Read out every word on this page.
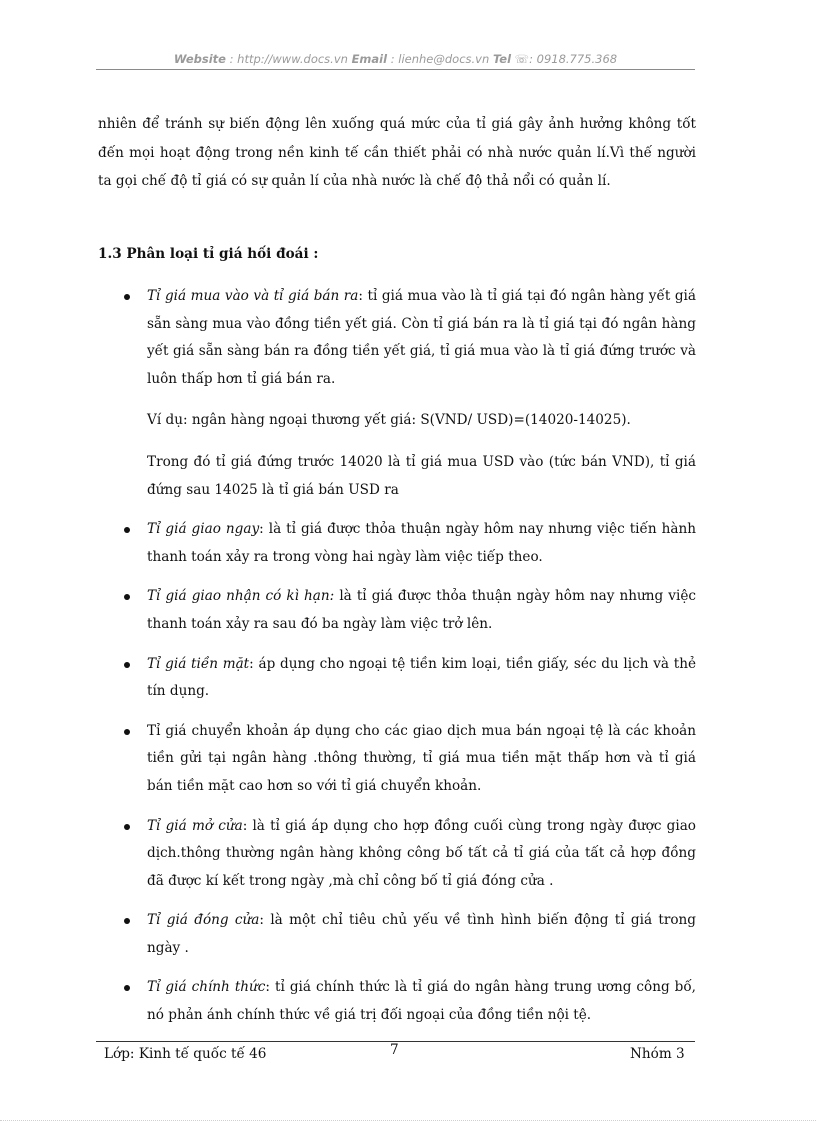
Website : http://www.docs.vn Email : lienhe@docs.vn Tel ☏: 0918.775.368
nhiên để tránh sự biến động lên xuống quá mức của tỉ giá gây ảnh hưởng không tốt đến mọi hoạt động trong nền kinh tế cần thiết phải có nhà nước quản lí.Vì thế người ta gọi chế độ tỉ giá có sự quản lí của nhà nước là chế độ thả nổi có quản lí.
1.3 Phân loại tỉ giá hối đoái :
Tỉ giá mua vào và tỉ giá bán ra: tỉ giá mua vào là tỉ giá tại đó ngân hàng yết giá sẵn sàng mua vào đồng tiền yết giá. Còn tỉ giá bán ra là tỉ giá tại đó ngân hàng yết giá sẵn sàng bán ra đồng tiền yết giá, tỉ giá mua vào là tỉ giá đứng trước và luôn thấp hơn tỉ giá bán ra.
Ví dụ: ngân hàng ngoại thương yết giá: S(VND/ USD)=(14020-14025).
Trong đó tỉ giá đứng trước 14020 là tỉ giá mua USD vào (tức bán VND), tỉ giá đứng sau 14025 là tỉ giá bán USD ra
Tỉ giá giao ngay: là tỉ giá được thỏa thuận ngày hôm nay nhưng việc tiến hành thanh toán xảy ra trong vòng hai ngày làm việc tiếp theo.
Tỉ giá giao nhận có kì hạn: là tỉ giá được thỏa thuận ngày hôm nay nhưng việc thanh toán xảy ra sau đó ba ngày làm việc trở lên.
Tỉ giá tiền mặt: áp dụng cho ngoại tệ tiền kim loại, tiền giấy, séc du lịch và thẻ tín dụng.
Tỉ giá chuyển khoản áp dụng cho các giao dịch mua bán ngoại tệ là các khoản tiền gửi tại ngân hàng .thông thường, tỉ giá mua tiền mặt thấp hơn và tỉ giá bán tiền mặt cao hơn so với tỉ giá chuyển khoản.
Tỉ giá mở cửa: là tỉ giá áp dụng cho hợp đồng cuối cùng trong ngày được giao dịch.thông thường ngân hàng không công bố tất cả tỉ giá của tất cả hợp đồng đã được kí kết trong ngày ,mà chỉ công bố tỉ giá đóng cửa .
Tỉ giá đóng cửa: là một chỉ tiêu chủ yếu về tình hình biến động tỉ giá trong ngày .
Tỉ giá chính thức: tỉ giá chính thức là tỉ giá do ngân hàng trung ương công bố, nó phản ánh chính thức về giá trị đối ngoại của đồng tiền nội tệ.
Lớp: Kinh tế quốc tế 46	7	Nhóm 3
